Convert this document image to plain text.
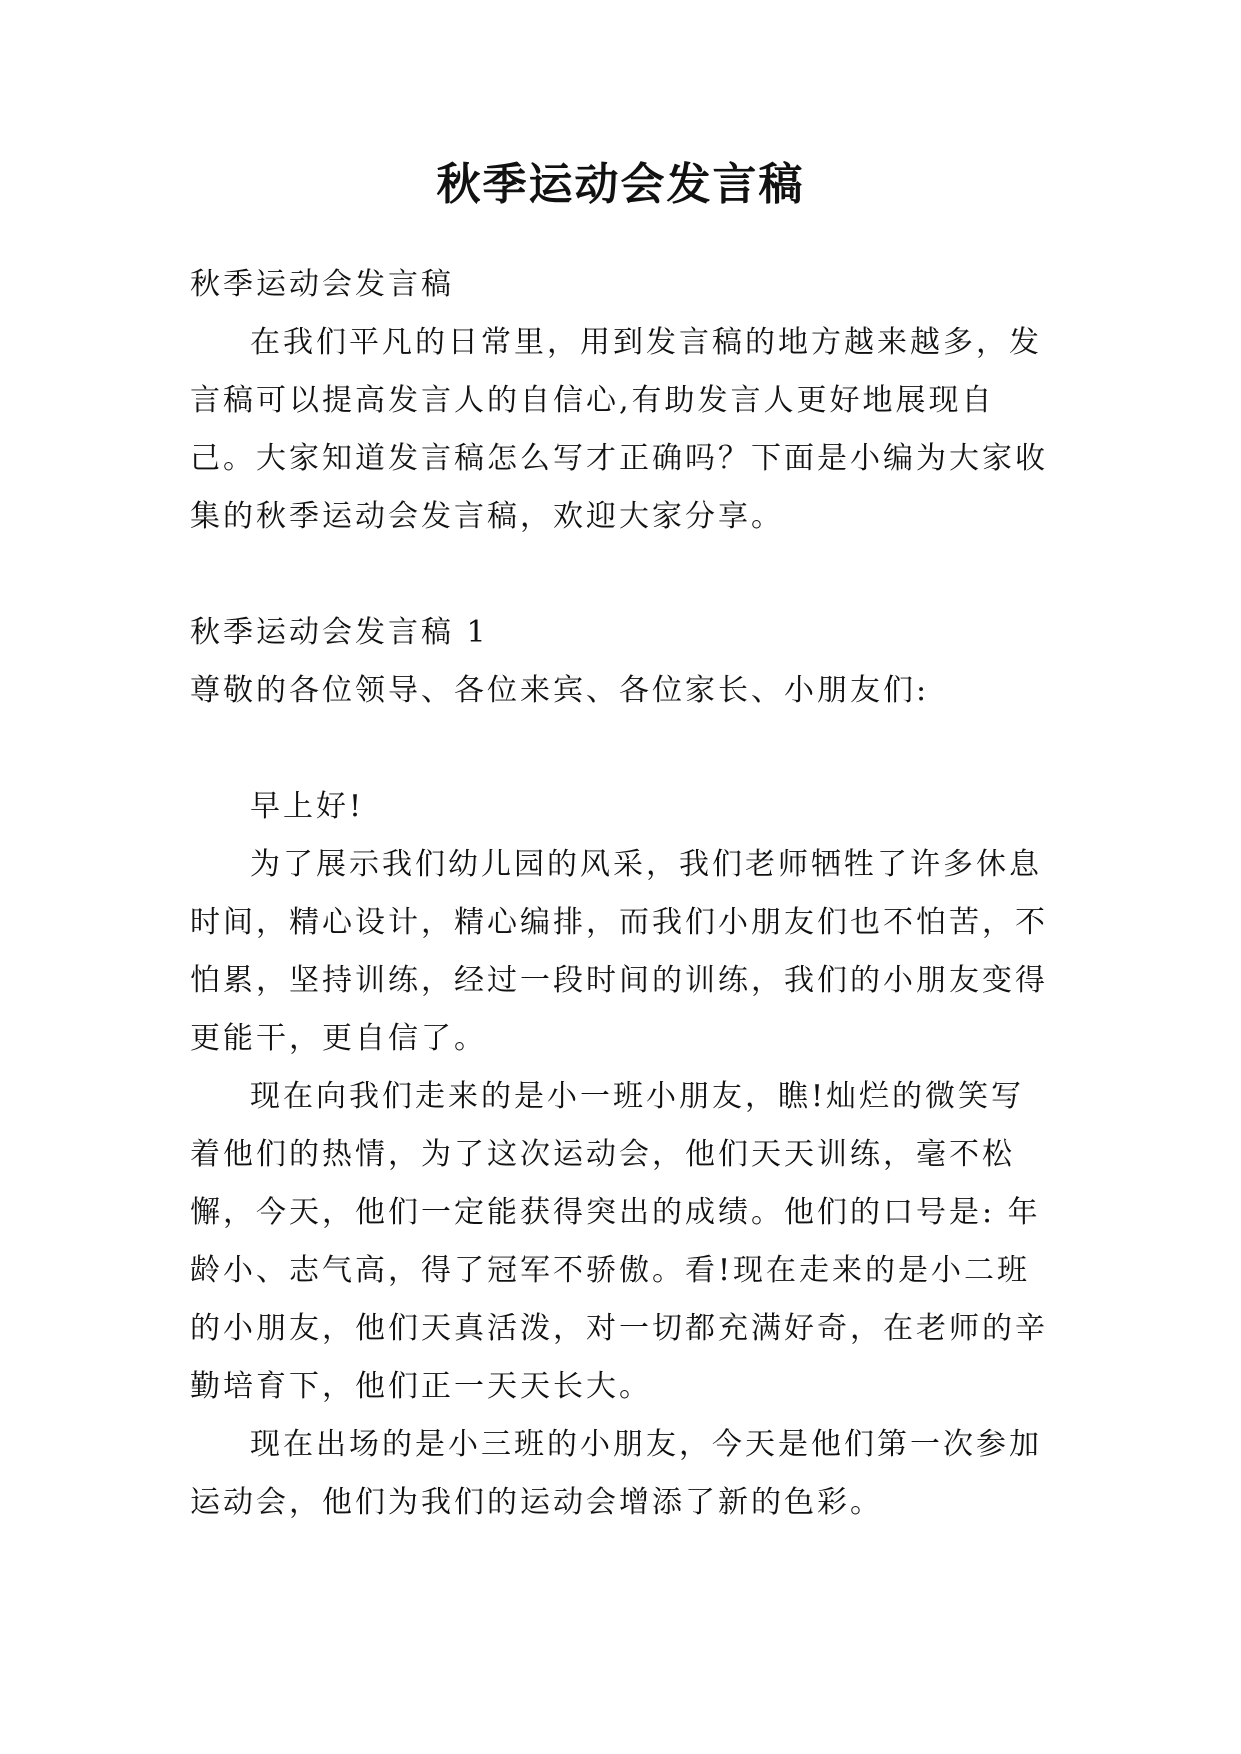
秋季运动会发言稿

秋季运动会发言稿

在我们平凡的日常里，用到发言稿的地方越来越多，发言稿可以提高发言人的自信心,有助发言人更好地展现自己。大家知道发言稿怎么写才正确吗？下面是小编为大家收集的秋季运动会发言稿，欢迎大家分享。

秋季运动会发言稿 1

尊敬的各位领导、各位来宾、各位家长、小朋友们:

早上好!

为了展示我们幼儿园的风采，我们老师牺牲了许多休息时间，精心设计，精心编排，而我们小朋友们也不怕苦，不怕累，坚持训练，经过一段时间的训练，我们的小朋友变得更能干，更自信了。

现在向我们走来的是小一班小朋友，瞧!灿烂的微笑写着他们的热情，为了这次运动会，他们天天训练，毫不松懈，今天，他们一定能获得突出的成绩。他们的口号是: 年龄小、志气高，得了冠军不骄傲。看!现在走来的是小二班的小朋友，他们天真活泼，对一切都充满好奇，在老师的辛勤培育下，他们正一天天长大。

现在出场的是小三班的小朋友，今天是他们第一次参加运动会，他们为我们的运动会增添了新的色彩。
